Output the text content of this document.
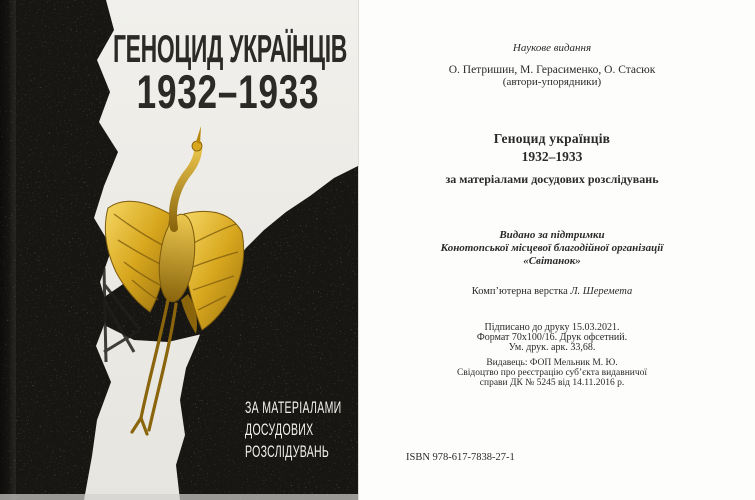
ГЕНОЦИД УКРАЇНЦІВ
1932–1933
ЗА МАТЕРІАЛАМИ
ДОСУДОВИХ
РОЗСЛІДУВАНЬ
Наукове видання
О. Петришин, М. Герасименко, О. Стасюк
(автори-упорядники)
Геноцид українців
1932–1933
за матеріалами досудових розслідувань
Видано за підтримки
Конотопської місцевої благодійної організації
«Світанок»
Комп’ютерна верстка Л. Шеремета
Підписано до друку 15.03.2021.
Формат 70х100/16. Друк офсетний.
Ум. друк. арк. 33,68.
Видавець: ФОП Мельник М. Ю.
Свідоцтво про реєстрацію суб’єкта видавничої
справи ДК № 5245 від 14.11.2016 р.
ISBN 978-617-7838-27-1
